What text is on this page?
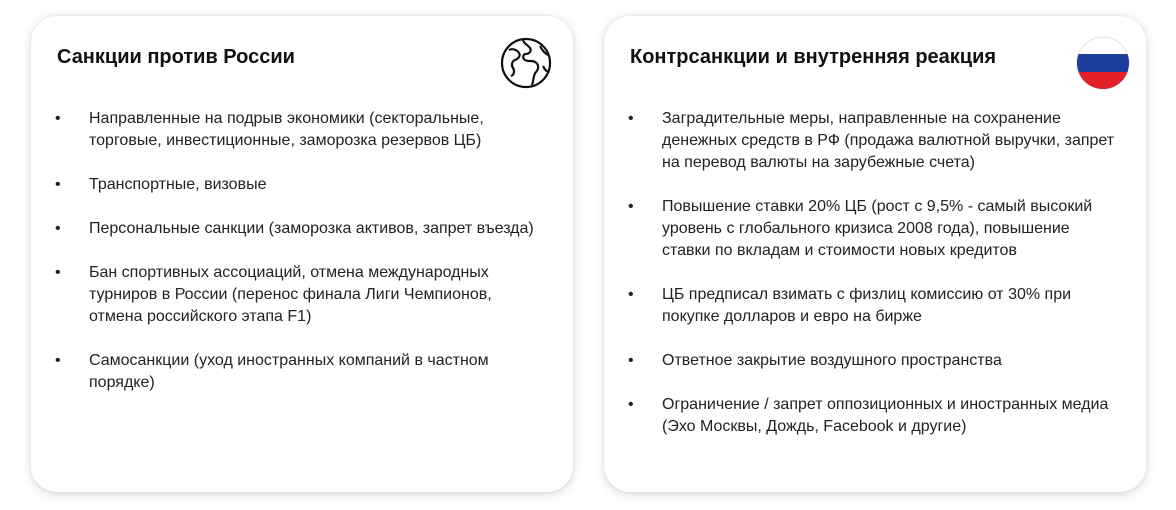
Санкции против России
• Направленные на подрыв экономики (секторальные, торговые, инвестиционные, заморозка резервов ЦБ)
• Транспортные, визовые
• Персональные санкции (заморозка активов, запрет въезда)
• Бан спортивных ассоциаций, отмена международных турниров в России (перенос финала Лиги Чемпионов, отмена российского этапа F1)
• Самосанкции (уход иностранных компаний в частном порядке)
Контрсанкции и внутренняя реакция
• Заградительные меры, направленные на сохранение денежных средств в РФ (продажа валютной выручки, запрет на перевод валюты на зарубежные счета)
• Повышение ставки 20% ЦБ (рост с 9,5% - самый высокий уровень с глобального кризиса 2008 года), повышение ставки по вкладам и стоимости новых кредитов
• ЦБ предписал взимать с физлиц комиссию от 30% при покупке долларов и евро на бирже
• Ответное закрытие воздушного пространства
• Ограничение / запрет оппозиционных и иностранных медиа (Эхо Москвы, Дождь, Facebook и другие)
